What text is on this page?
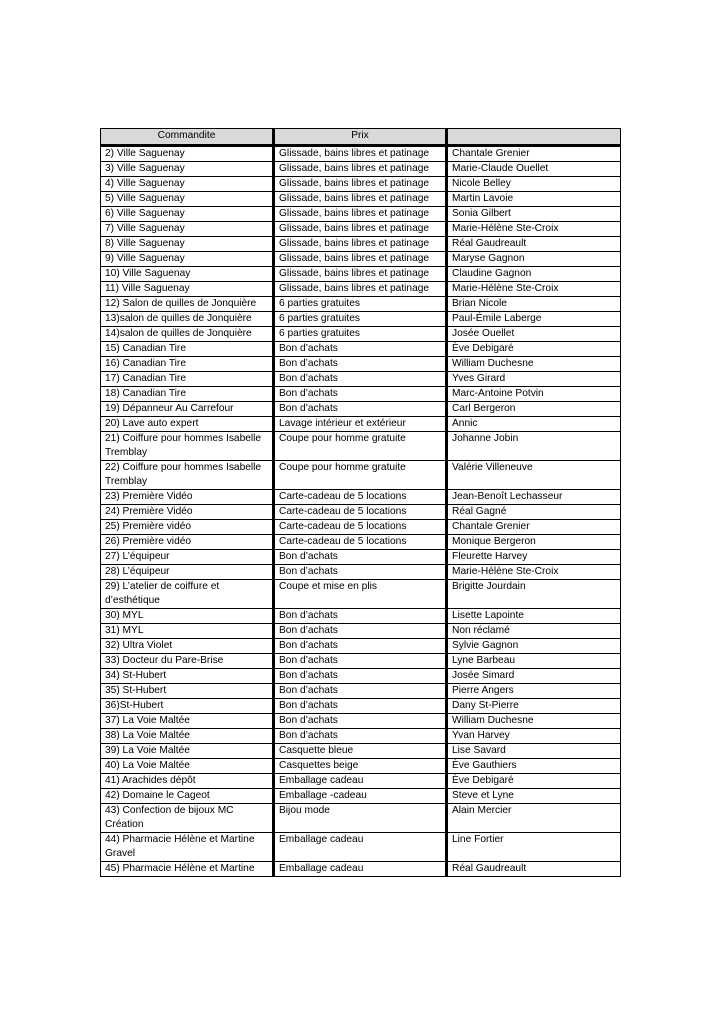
Commandite	Prix	
2) Ville Saguenay	Glissade, bains libres et patinage	Chantale Grenier
3) Ville Saguenay	Glissade, bains libres et patinage	Marie-Claude Ouellet
4) Ville Saguenay	Glissade, bains libres et patinage	Nicole Belley
5) Ville Saguenay	Glissade, bains libres et patinage	Martin Lavoie
6) Ville Saguenay	Glissade, bains libres et patinage	Sonia Gilbert
7) Ville Saguenay	Glissade, bains libres et patinage	Marie-Hélène Ste-Croix
8) Ville Saguenay	Glissade, bains libres et patinage	Réal Gaudreault
9) Ville Saguenay	Glissade, bains libres et patinage	Maryse Gagnon
10) Ville Saguenay	Glissade, bains libres et patinage	Claudine Gagnon
11) Ville Saguenay	Glissade, bains libres et patinage	Marie-Hélène Ste-Croix
12) Salon de quilles de Jonquière	6 parties gratuites	Brian Nicole
13)salon de quilles de Jonquière	6 parties gratuites	Paul-Émile Laberge
14)salon de quilles de Jonquière	6 parties gratuites	Josée Ouellet
15) Canadian Tire	Bon d’achats	Ève Debigaré
16) Canadian Tire	Bon d’achats	William Duchesne
17) Canadian Tire	Bon d’achats	Yves Girard
18) Canadian Tire	Bon d’achats	Marc-Antoine Potvin
19) Dépanneur Au Carrefour	Bon d’achats	Carl Bergeron
20) Lave auto expert	Lavage intérieur et extérieur	Annic
21) Coiffure pour hommes Isabelle Tremblay	Coupe pour homme gratuite	Johanne Jobin
22) Coiffure pour hommes Isabelle Tremblay	Coupe pour homme gratuite	Valérie Villeneuve
23) Première Vidéo	Carte-cadeau de 5 locations	Jean-Benoît Lechasseur
24) Première Vidéo	Carte-cadeau de 5 locations	Réal Gagné
25) Première vidéo	Carte-cadeau de 5 locations	Chantale Grenier
26) Première vidéo	Carte-cadeau de 5 locations	Monique Bergeron
27) L’équipeur	Bon d’achats	Fleurette Harvey
28) L’équipeur	Bon d’achats	Marie-Hélène Ste-Croix
29) L’atelier de coiffure et d’esthétique	Coupe et mise en plis	Brigitte Jourdain
30) MYL	Bon d’achats	Lisette Lapointe
31) MYL	Bon d’achats	Non réclamé
32) Ultra Violet	Bon d’achats	Sylvie Gagnon
33) Docteur du Pare-Brise	Bon d’achats	Lyne Barbeau
34) St-Hubert	Bon d’achats	Josée Simard
35) St-Hubert	Bon d’achats	Pierre Angers
36)St-Hubert	Bon d’achats	Dany St-Pierre
37) La Voie Maltée	Bon d’achats	William Duchesne
38) La Voie Maltée	Bon d’achats	Yvan Harvey
39) La Voie Maltée	Casquette bleue	Lise Savard
40) La Voie Maltée	Casquettes beige	Ève Gauthiers
41) Arachides dépôt	Emballage cadeau	Ève Debigaré
42) Domaine le Cageot	Emballage -cadeau	Steve et Lyne
43) Confection de bijoux MC Création	Bijou mode	Alain Mercier
44) Pharmacie Hélène et Martine Gravel	Emballage cadeau	Line Fortier
45) Pharmacie Hélène et Martine	Emballage cadeau	Réal Gaudreault
